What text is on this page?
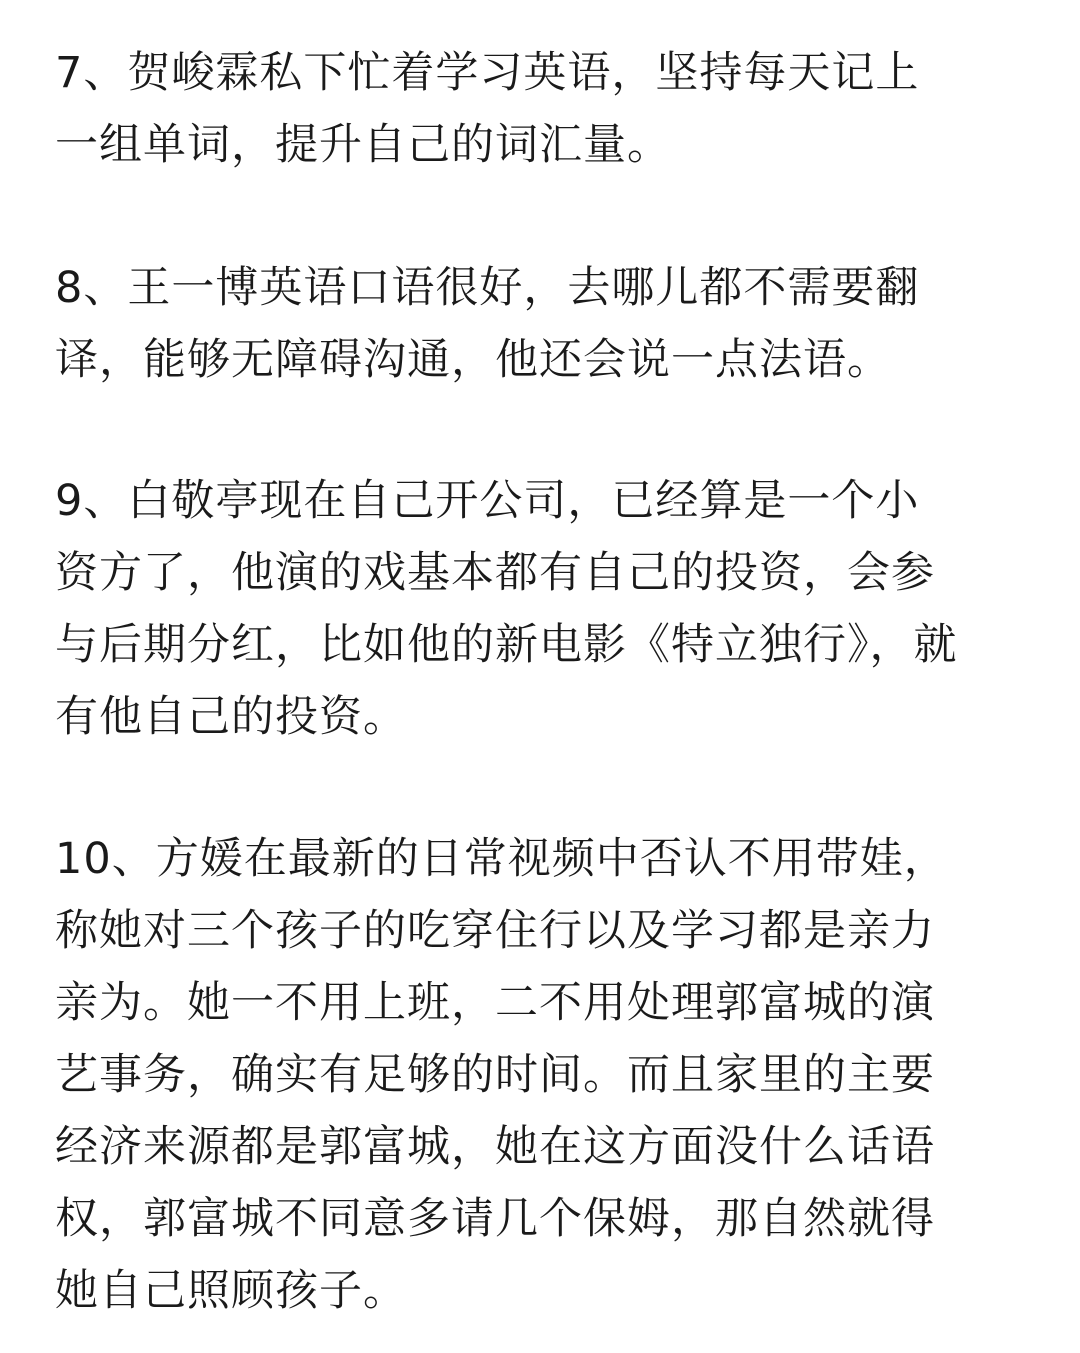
7、贺峻霖私下忙着学习英语，坚持每天记上
一组单词，提升自己的词汇量。

8、王一博英语口语很好，去哪儿都不需要翻
译，能够无障碍沟通，他还会说一点法语。

9、白敬亭现在自己开公司，已经算是一个小
资方了，他演的戏基本都有自己的投资，会参
与后期分红，比如他的新电影《特立独行》，就
有他自己的投资。

10、方媛在最新的日常视频中否认不用带娃，
称她对三个孩子的吃穿住行以及学习都是亲力
亲为。她一不用上班，二不用处理郭富城的演
艺事务，确实有足够的时间。而且家里的主要
经济来源都是郭富城，她在这方面没什么话语
权，郭富城不同意多请几个保姆，那自然就得
她自己照顾孩子。
